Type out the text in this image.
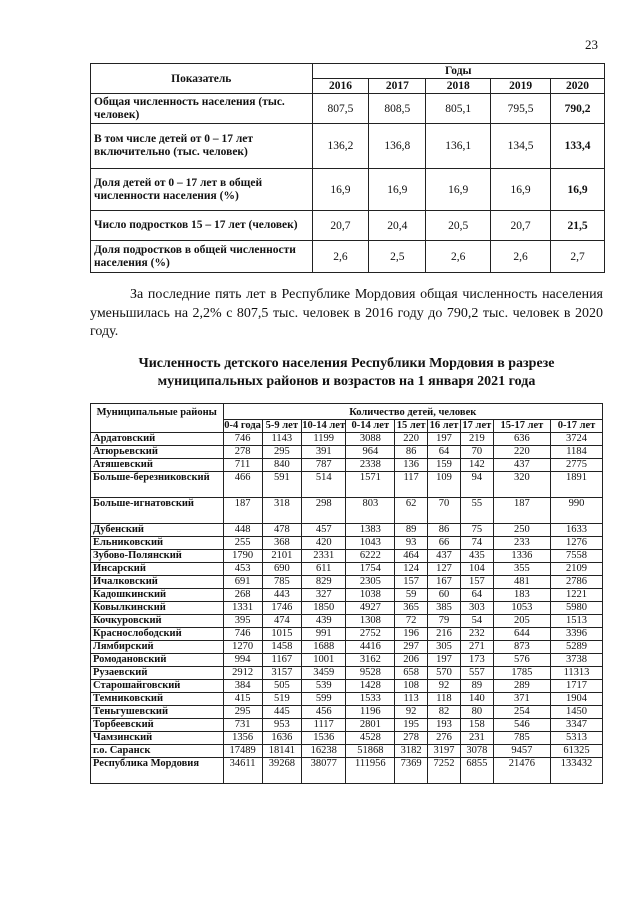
23
Показатель	Годы				
	2016	2017	2018	2019	2020
Общая численность населения (тыс. человек)	807,5	808,5	805,1	795,5	790,2
В том числе детей от 0 – 17 лет включительно (тыс. человек)	136,2	136,8	136,1	134,5	133,4
Доля детей от 0 – 17 лет в общей численности населения (%)	16,9	16,9	16,9	16,9	16,9
Число подростков 15 – 17 лет (человек)	20,7	20,4	20,5	20,7	21,5
Доля подростков в общей численности населения (%)	2,6	2,5	2,6	2,6	2,7

За последние пять лет в Республике Мордовия общая численность населения уменьшилась на 2,2% с 807,5 тыс. человек в 2016 году до 790,2 тыс. человек в 2020 году.

Численность детского населения Республики Мордовия в разрезе муниципальных районов и возрастов на 1 января 2021 года
Муниципальные районы	Количество детей, человек								
	0-4 года	5-9 лет	10-14 лет	0-14 лет	15 лет	16 лет	17 лет	15-17 лет	0-17 лет
Ардатовский	746	1143	1199	3088	220	197	219	636	3724
Атюрьевский	278	295	391	964	86	64	70	220	1184
Атяшевский	711	840	787	2338	136	159	142	437	2775
Больше-березниковский	466	591	514	1571	117	109	94	320	1891
Больше-игнатовский	187	318	298	803	62	70	55	187	990
Дубенский	448	478	457	1383	89	86	75	250	1633
Ельниковский	255	368	420	1043	93	66	74	233	1276
Зубово-Полянский	1790	2101	2331	6222	464	437	435	1336	7558
Инсарский	453	690	611	1754	124	127	104	355	2109
Ичалковский	691	785	829	2305	157	167	157	481	2786
Кадошкинский	268	443	327	1038	59	60	64	183	1221
Ковылкинский	1331	1746	1850	4927	365	385	303	1053	5980
Кочкуровский	395	474	439	1308	72	79	54	205	1513
Краснослободский	746	1015	991	2752	196	216	232	644	3396
Лямбирский	1270	1458	1688	4416	297	305	271	873	5289
Ромодановский	994	1167	1001	3162	206	197	173	576	3738
Рузаевский	2912	3157	3459	9528	658	570	557	1785	11313
Старошайговский	384	505	539	1428	108	92	89	289	1717
Темниковский	415	519	599	1533	113	118	140	371	1904
Теньгушевский	295	445	456	1196	92	82	80	254	1450
Торбеевский	731	953	1117	2801	195	193	158	546	3347
Чамзинский	1356	1636	1536	4528	278	276	231	785	5313
г.о. Саранск	17489	18141	16238	51868	3182	3197	3078	9457	61325
Республика Мордовия	34611	39268	38077	111956	7369	7252	6855	21476	133432
